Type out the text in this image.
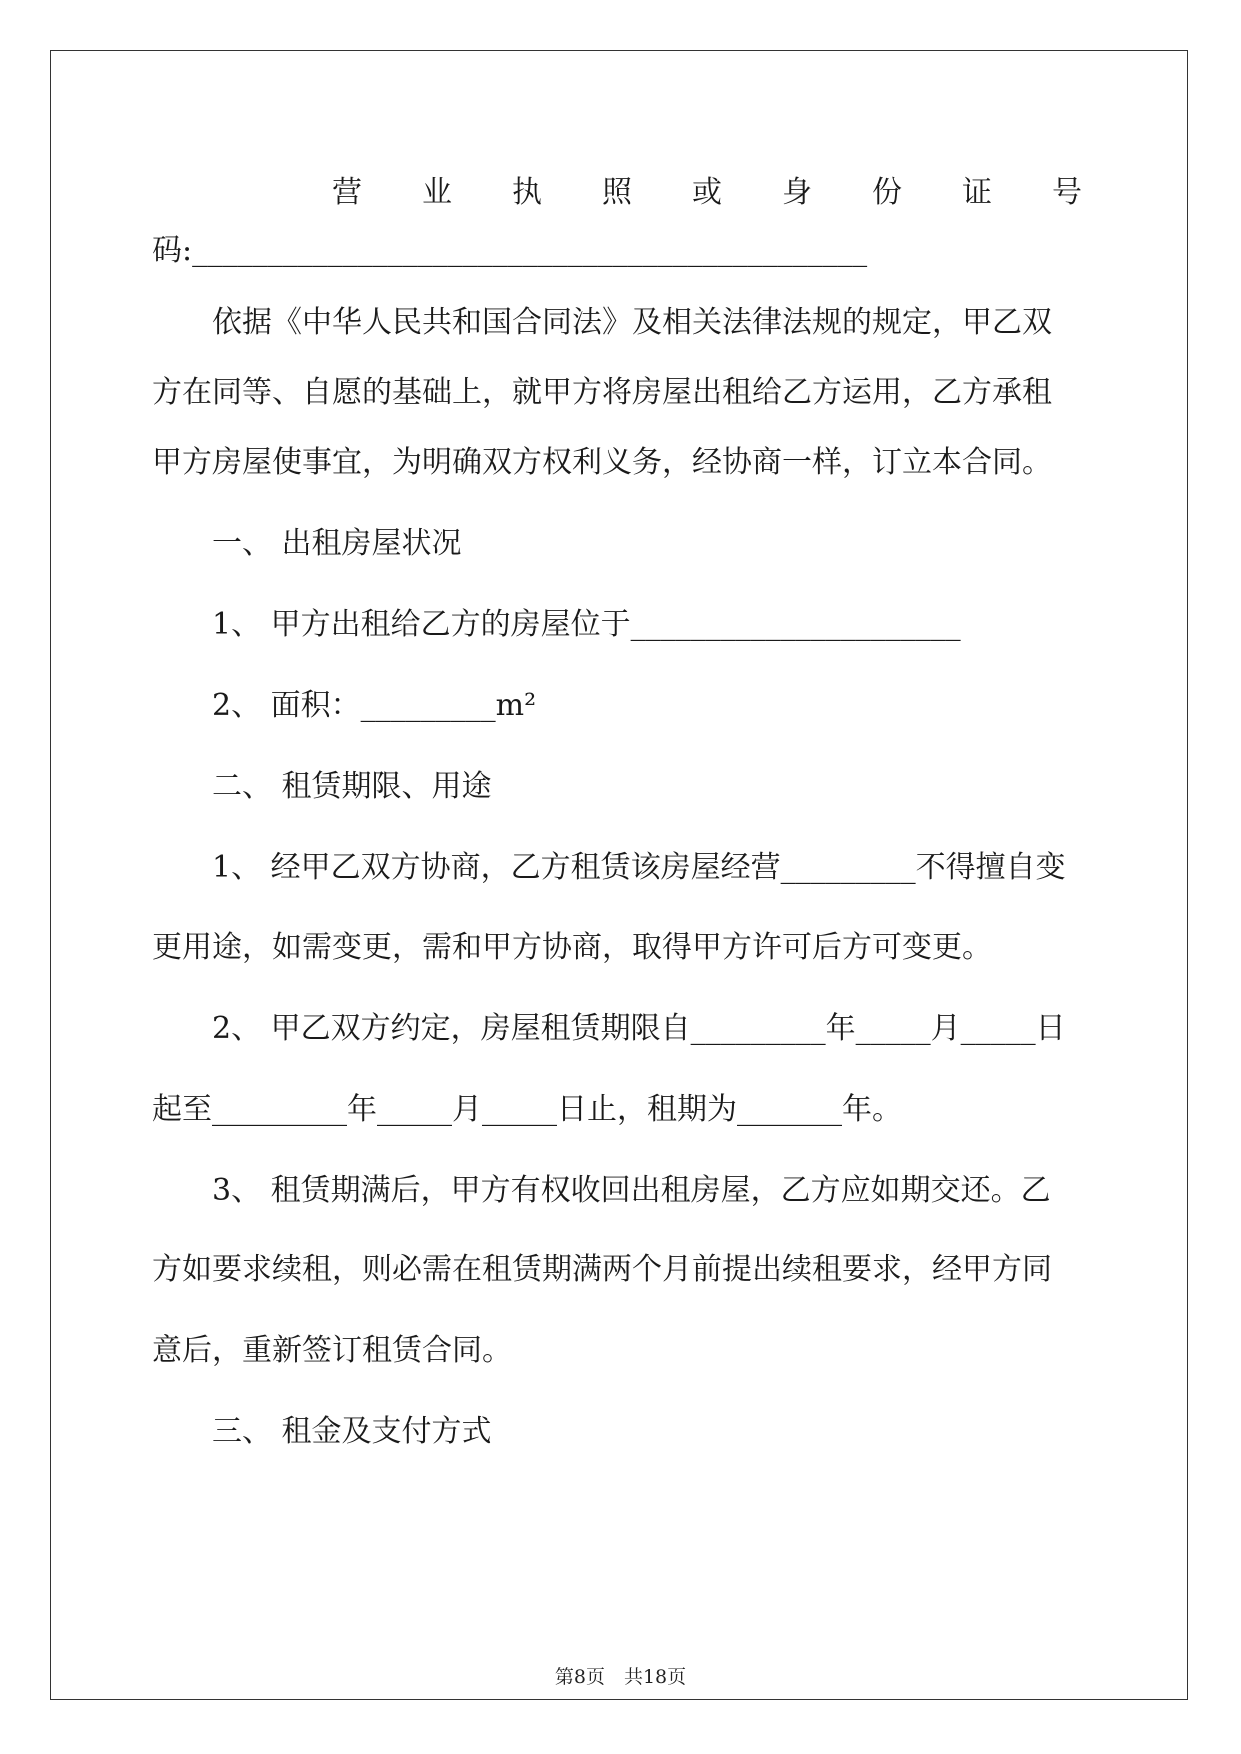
营 业 执 照 或 身 份 证 号
码:_____________________________________________
依据《中华人民共和国合同法》及相关法律法规的规定，甲乙双
方在同等、自愿的基础上，就甲方将房屋出租给乙方运用，乙方承租
甲方房屋使事宜，为明确双方权利义务，经协商一样，订立本合同。
一、 出租房屋状况
1、 甲方出租给乙方的房屋位于______________________
2、 面积：_________m²
二、 租赁期限、用途
1、 经甲乙双方协商，乙方租赁该房屋经营_________不得擅自变
更用途，如需变更，需和甲方协商，取得甲方许可后方可变更。
2、 甲乙双方约定，房屋租赁期限自_________年_____月_____日
起至_________年_____月_____日止，租期为_______年。
3、 租赁期满后，甲方有权收回出租房屋，乙方应如期交还。乙
方如要求续租，则必需在租赁期满两个月前提出续租要求，经甲方同
意后，重新签订租赁合同。
三、 租金及支付方式
第8页　共18页
